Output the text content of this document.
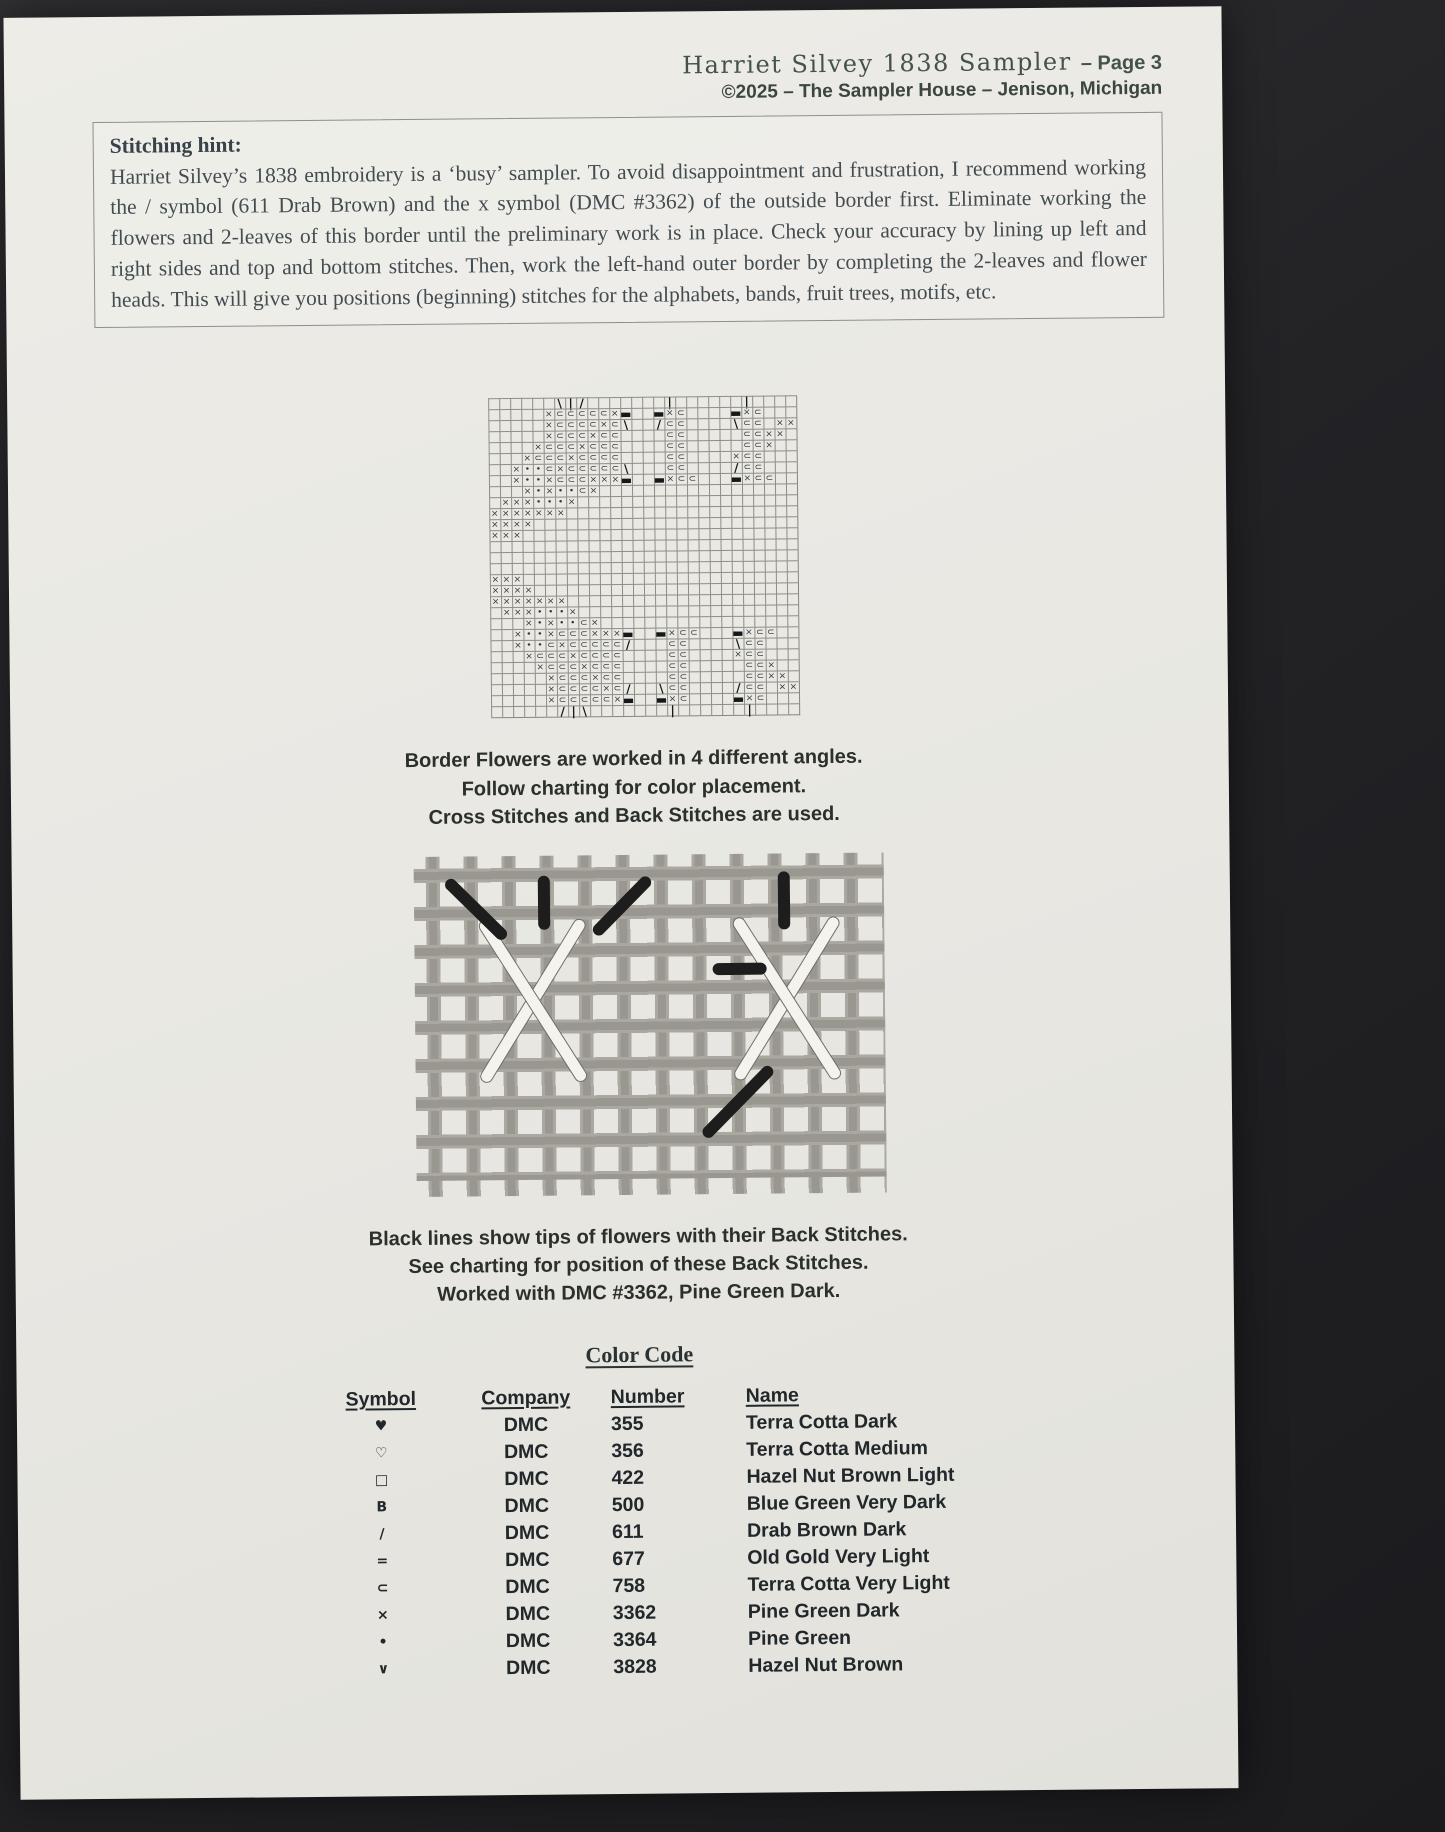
Harriet Silvey 1838 Sampler – Page 3
©2025 – The Sampler House – Jenison, Michigan
Stitching hint:
Harriet Silvey’s 1838 embroidery is a ‘busy’ sampler. To avoid disappointment and frustration, I recommend working the / symbol (611 Drab Brown) and the x symbol (DMC #3362) of the outside border first. Eliminate working the flowers and 2-leaves of this border until the preliminary work is in place. Check your accuracy by lining up left and right sides and top and bottom stitches. Then, work the left-hand outer border by completing the 2-leaves and flower heads. This will give you positions (beginning) stitches for the alphabets, bands, fruit trees, motifs, etc.
\ | /	|	|
× ⊂ ⊂ ⊂ ⊂ ⊂ × ▬ ▬ × ⊂	▬ × ⊂
× ⊂ ⊂ ⊂ ⊂ × ⊂ \	/ ⊂ ⊂	\ ⊂ ⊂ × ×
× ⊂ ⊂ ⊂ × ⊂ ⊂	⊂ ⊂	⊂ ⊂ × ×
× ⊂ ⊂ ⊂ × ⊂ ⊂ ⊂	⊂ ⊂	⊂ ⊂ ×
× ⊂ ⊂ ⊂ × ⊂ ⊂ ⊂ ⊂	⊂ ⊂	× ⊂ ⊂
× • • ⊂ × ⊂ ⊂ ⊂ ⊂ ⊂ \	⊂ ⊂	/ ⊂ ⊂
× • • × ⊂ ⊂ ⊂ × × × ▬ ▬ × ⊂ ⊂	▬ × ⊂ ⊂
× • × • • ⊂ ×
× × × • • • ×
× × × × × × ×
× × × ×
× × ×
× × ×
× × × ×
× × × × × × ×
× × × • • • ×
× • × • • ⊂ ×
× • • × ⊂ ⊂ ⊂ × × × ▬ ▬ × ⊂ ⊂	▬ × ⊂ ⊂
× • • ⊂ × ⊂ ⊂ ⊂ ⊂ ⊂ /	⊂ ⊂	\ ⊂ ⊂
× ⊂ ⊂ ⊂ × ⊂ ⊂ ⊂ ⊂	⊂ ⊂	× ⊂ ⊂
× ⊂ ⊂ ⊂ × ⊂ ⊂ ⊂	⊂ ⊂	⊂ ⊂ ×
× ⊂ ⊂ ⊂ × ⊂ ⊂	⊂ ⊂	⊂ ⊂ × ×
× ⊂ ⊂ ⊂ ⊂ × ⊂ /	\ ⊂ ⊂	/ ⊂ ⊂ × ×
× ⊂ ⊂ ⊂ ⊂ ⊂ × ▬ ▬ × ⊂	▬ × ⊂
/ | \	|	|
Border Flowers are worked in 4 different angles.
Follow charting for color placement.
Cross Stitches and Back Stitches are used.
Black lines show tips of flowers with their Back Stitches.
See charting for position of these Back Stitches.
Worked with DMC #3362, Pine Green Dark.
Color Code
Symbol	Company	Number	Name
♥	DMC	355	Terra Cotta Dark
♡	DMC	356	Terra Cotta Medium
□	DMC	422	Hazel Nut Brown Light
B	DMC	500	Blue Green Very Dark
/	DMC	611	Drab Brown Dark
=	DMC	677	Old Gold Very Light
⊂	DMC	758	Terra Cotta Very Light
×	DMC	3362	Pine Green Dark
•	DMC	3364	Pine Green
∨	DMC	3828	Hazel Nut Brown
